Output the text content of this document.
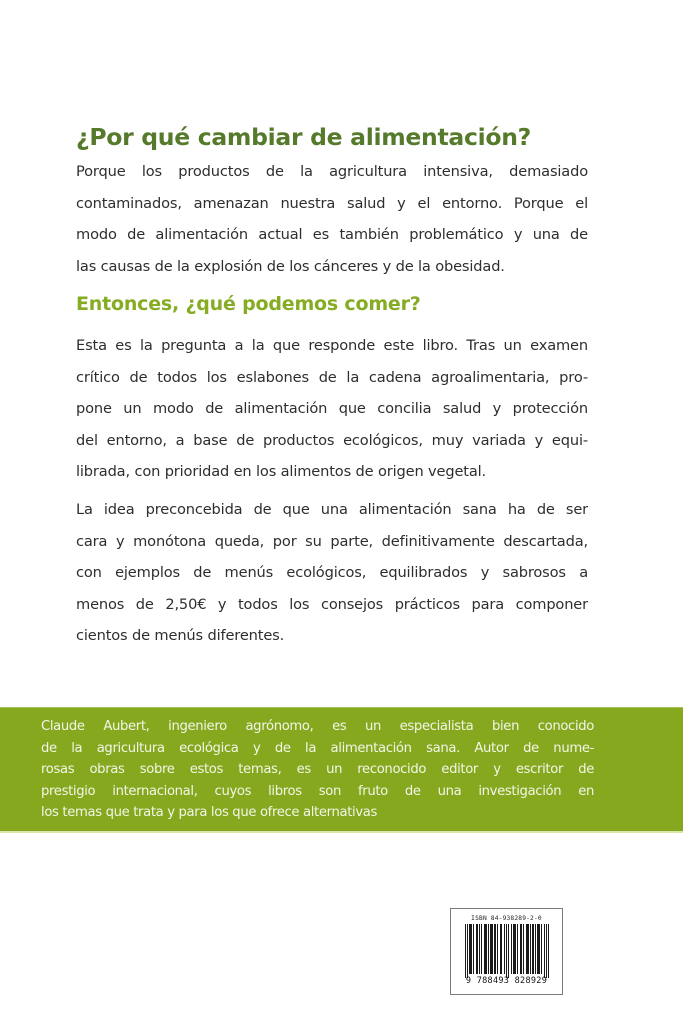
¿Por qué cambiar de alimentación?
Porque los productos de la agricultura intensiva, demasiado
contaminados, amenazan nuestra salud y el entorno. Porque el
modo de alimentación actual es también problemático y una de
las causas de la explosión de los cánceres y de la obesidad.
Entonces, ¿qué podemos comer?
Esta es la pregunta a la que responde este libro. Tras un examen
crítico de todos los eslabones de la cadena agroalimentaria, pro-
pone un modo de alimentación que concilia salud y protección
del entorno, a base de productos ecológicos, muy variada y equi-
librada, con prioridad en los alimentos de origen vegetal.
La idea preconcebida de que una alimentación sana ha de ser
cara y monótona queda, por su parte, definitivamente descartada,
con ejemplos de menús ecológicos, equilibrados y sabrosos a
menos de 2,50€ y todos los consejos prácticos para componer
cientos de menús diferentes.
Claude Aubert, ingeniero agrónomo, es un especialista bien conocido
de la agricultura ecológica y de la alimentación sana. Autor de nume-
rosas obras sobre estos temas, es un reconocido editor y escritor de
prestigio internacional, cuyos libros son fruto de una investigación en
los temas que trata y para los que ofrece alternativas
ISBN 84-938289-2-0
9 788493 828929
